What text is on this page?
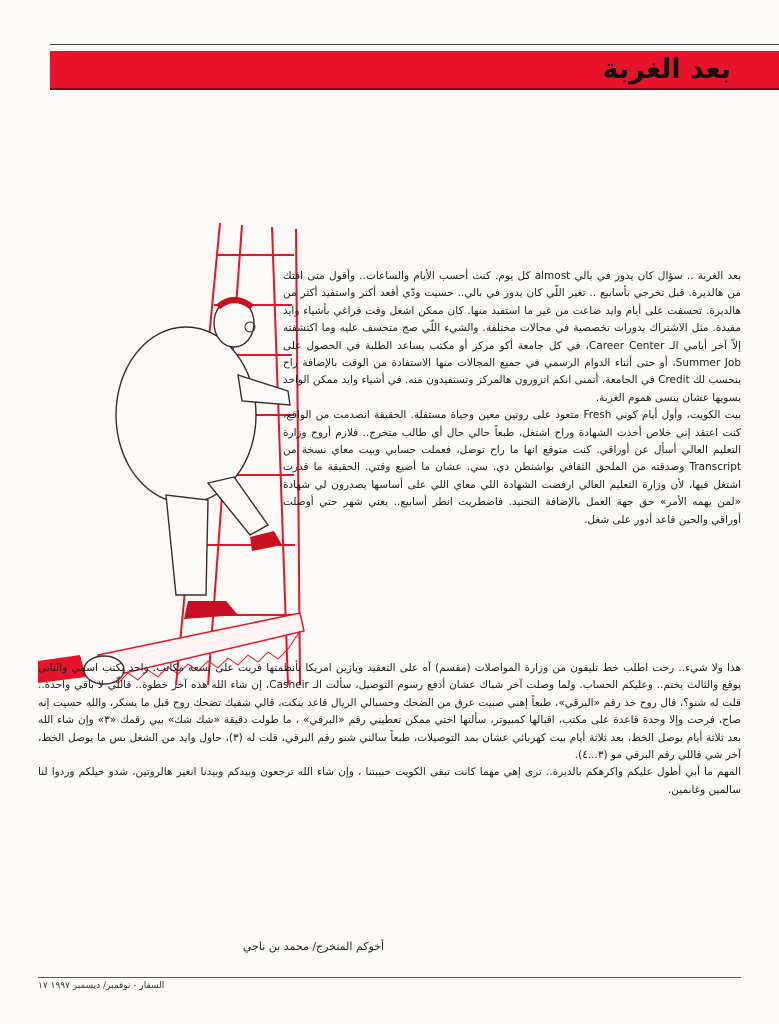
بعد الغربة

بعد الغربة .. سؤال كان يدور في بالي almost كل يوم. كنت أحسب الأيام والساعات.. وأقول متى افتك من هالديرة. قبل تخرجي بأسابيع .. تغير اللّي كان يدور في بالي.. حسيت ودّي أقعد أكثر واستفيد أكثر من هالديرة. تحسفت على أيام وايد ضاعت من غير ما استفيد منها. كان ممكن اشغل وقت فراغي بأشياء وايد مفيدة. مثل الاشتراك بدورات تخصصية في مجالات مختلفة. والشيء اللّي صج متحسف عليه وما اكتشفته إلاّ آخر أيامي الـ Career Center، في كل جامعة أكو مركز أو مكتب يساعد الطلبة في الحصول على Summer Job، أو حتى أثناء الدوام الرسمي في جميع المجالات منها الاستفادة من الوقت بالإضافة راح ينحسب لك Credit في الجامعة. أتمنى انكم اتزورون هالمركز وتستفيدون منه. في أشياء وايد ممكن الواحد يسويها عشان ينسى هموم الغربة.

بيت الكويت، وأول أيام كوني Fresh متعود على روتين معين وحياة مستقلة. الحقيقة انصدمت من الواقع، كنت اعتقد إني خلاص أخذت الشهادة وراح اشتغل، طبعاً حالي حال أي طالب متخرج.. فلازم أروح وزارة التعليم العالي أسأل عن أوراقي. كنت متوقع انها ما راح توصل، فعملت حسابي وبيت معاي نسخة من Transcript وصدقته من الملحق الثقافي بواشنطن دي. سي. عشان ما أضيع وقتي. الحقيقة ما قدرت اشتغل فيها، لأن وزارة التعليم العالي ارفضت الشهادة اللي معاي اللي على أساسها يصدرون لي شهادة «لمن يهمه الأمر» حق جهة العمل بالإضافة التجنيد. فاضطريت انطر أسابيع.. يعني شهر حتي أوصلت أوراقي والحين قاعد أدور على شغل.

هذا ولا شيء.. رحت اطلب خط تليفون من وزارة المواصلات (مقسم) آه على التعقيد ويازين امريكا بأنظمتها فريت على تسعة مكاتب. واحد يكتب اسمي والثاني يوقع والثالث يختم.. وعليكم الحساب. ولما وصلت آخر شباك عشان أدفع رسوم التوصيل، سألت الـ Casheir، إن شاء الله هذه آخر خطوة.. قاللّي لا باقي واحدة.. قلت له شنو؟، قال روح خذ رقم «البرقي»، طبعاً إهني صبيت عرق من الضحك وحسبالي الريال قاعد ينكت، قالي شفيك تضحك روح قبل ما يسكر، والله حسيت إنه صاج، فرحت وإلا وحدة قاعدة على مكتب، اقبالها كمبيوتر، سألتها اختي ممكن تعطيني رقم «البرقي» ، ما طولت دقيقة «شك شك» بيي رقمك «٣» وإن شاء الله بعد ثلاثة أيام يوصل الخط، بعد ثلاثة أيام بيت كهربائي عشان يمد التوصيلات، طبعاً سالني شنو رقم البرقي، قلت له (٣)، حاول وايد من الشغل بس ما يوصل الخط، آخر شي قاللي رقم البرقي مو (٣...٤).

المهم ما أبي أطول عليكم واكرهكم بالديرة.. ترى إهي مهما كانت تبقى الكويت حبيبتنا ، وإن شاء الله ترجعون وبيدكم وبيدنا انغير هالروتين، شدو حيلكم وردوا لنا سالمين وغانمين.

أخوكم المتخرج/ محمد بن ناجي
السفار - نوفمبر/ ديسمبر ١٩٩٧ ١٧
